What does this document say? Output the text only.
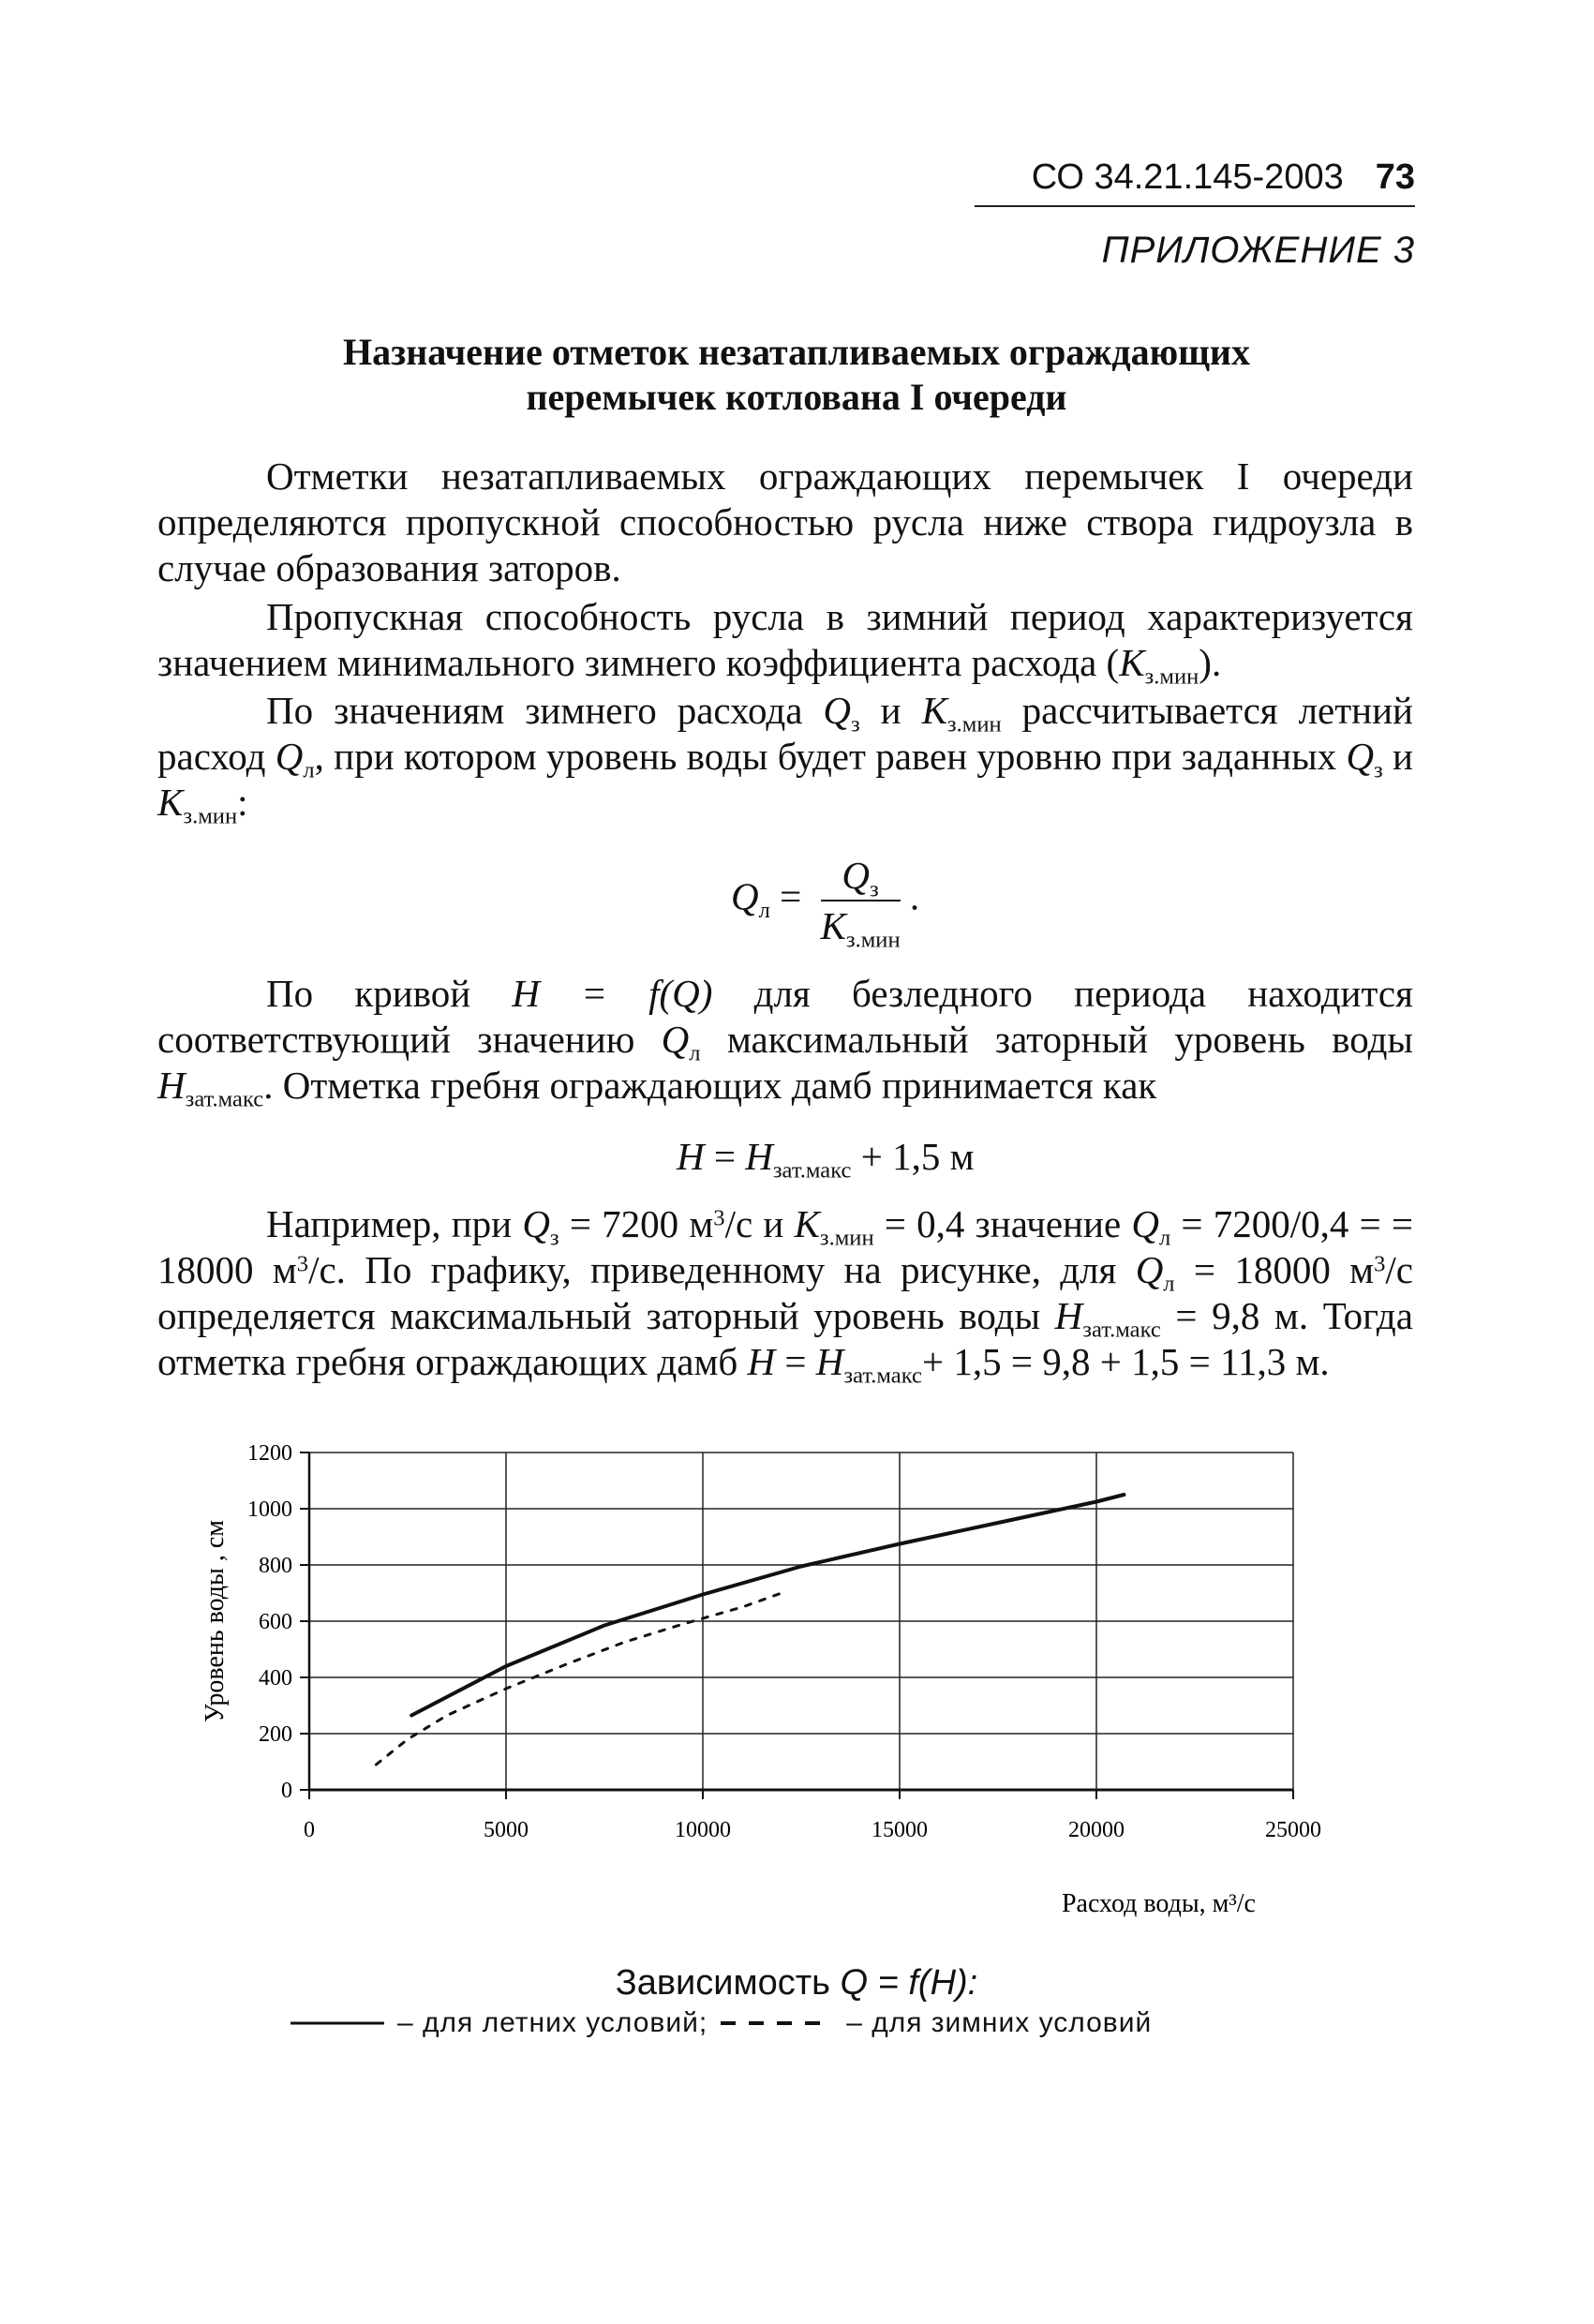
СО 34.21.145-2003 73
ПРИЛОЖЕНИЕ 3
Назначение отметок незатапливаемых ограждающих
перемычек котлована I очереди

Отметки незатапливаемых ограждающих перемычек I очереди определяются пропускной способностью русла ниже створа гидроузла в случае образования заторов.

Пропускная способность русла в зимний период характеризуется значением минимального зимнего коэффициента расхода $(K_{з.мин})$.

По значениям зимнего расхода $Q_з$ и $K_{з.мин}$ рассчитывается летний расход $Q_л$, при котором уровень воды будет равен уровню при заданных $Q_з$ и $K_{з.мин}$:

$Q_л = \frac{Q_з}{K_{з.мин}}$ .

По кривой H = f(Q) для безледного периода находится соответствующий значению $Q_л$ максимальный заторный уровень воды $H_{зат.макс}$. Отметка гребня ограждающих дамб принимается как

$H = H_{зат.макс} + 1,5$ м

Например, при $Q_з = 7200$ $м^3/с$ и $K_{з.мин} = 0,4$ значение $Q_л = 7200/0,4$ = = 18000 $м^3/с$. По графику, приведенному на рисунке, для $Q_л = 18000$ $м^3/с$ определяется максимальный заторный уровень воды $H_{зат.макс} = 9,8$ м. Тогда отметка гребня ограждающих дамб $H = H_{зат.макс}+ 1,5 = 9,8 + 1,5 = 11,3$ м.

0
200
400
600
800
1000
1200
0	5000	10000	15000	20000	25000
Уровень воды , см
Расход воды, м³/с
Зависимость Q = f(H):
– для летних условий;	– для зимних условий
